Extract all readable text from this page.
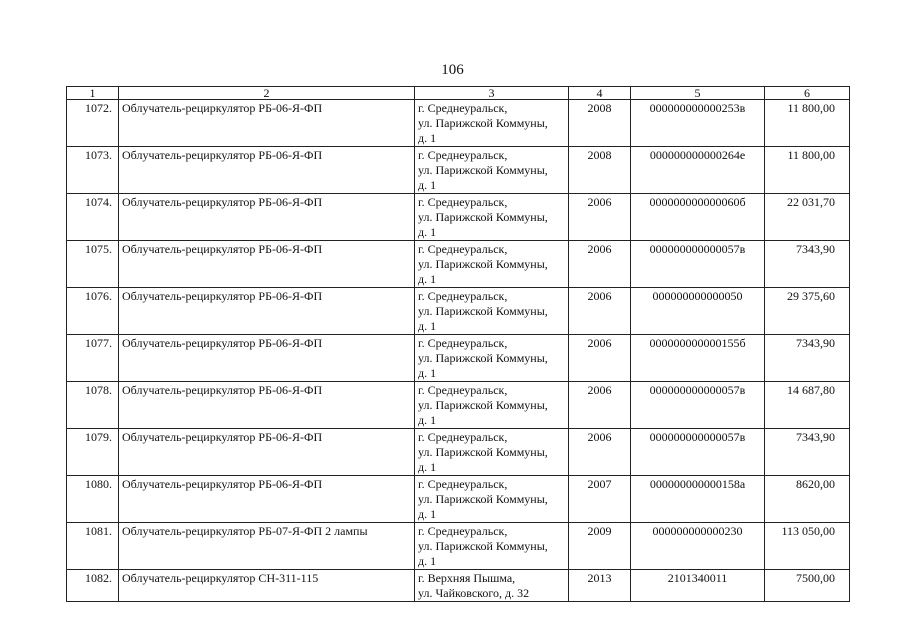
106
1	2	3	4	5	6
1072.	Облучатель-рециркулятор РБ-06-Я-ФП	г. Среднеуральск,
ул. Парижской Коммуны,
д. 1	2008	000000000000253в	11 800,00
1073.	Облучатель-рециркулятор РБ-06-Я-ФП	г. Среднеуральск,
ул. Парижской Коммуны,
д. 1	2008	000000000000264е	11 800,00
1074.	Облучатель-рециркулятор РБ-06-Я-ФП	г. Среднеуральск,
ул. Парижской Коммуны,
д. 1	2006	000000000000060б	22 031,70
1075.	Облучатель-рециркулятор РБ-06-Я-ФП	г. Среднеуральск,
ул. Парижской Коммуны,
д. 1	2006	000000000000057в	7343,90
1076.	Облучатель-рециркулятор РБ-06-Я-ФП	г. Среднеуральск,
ул. Парижской Коммуны,
д. 1	2006	000000000000050	29 375,60
1077.	Облучатель-рециркулятор РБ-06-Я-ФП	г. Среднеуральск,
ул. Парижской Коммуны,
д. 1	2006	000000000000155б	7343,90
1078.	Облучатель-рециркулятор РБ-06-Я-ФП	г. Среднеуральск,
ул. Парижской Коммуны,
д. 1	2006	000000000000057в	14 687,80
1079.	Облучатель-рециркулятор РБ-06-Я-ФП	г. Среднеуральск,
ул. Парижской Коммуны,
д. 1	2006	000000000000057в	7343,90
1080.	Облучатель-рециркулятор РБ-06-Я-ФП	г. Среднеуральск,
ул. Парижской Коммуны,
д. 1	2007	000000000000158а	8620,00
1081.	Облучатель-рециркулятор РБ-07-Я-ФП 2 лампы	г. Среднеуральск,
ул. Парижской Коммуны,
д. 1	2009	000000000000230	113 050,00
1082.	Облучатель-рециркулятор СН-311-115	г. Верхняя Пышма,
ул. Чайковского, д. 32	2013	2101340011	7500,00
